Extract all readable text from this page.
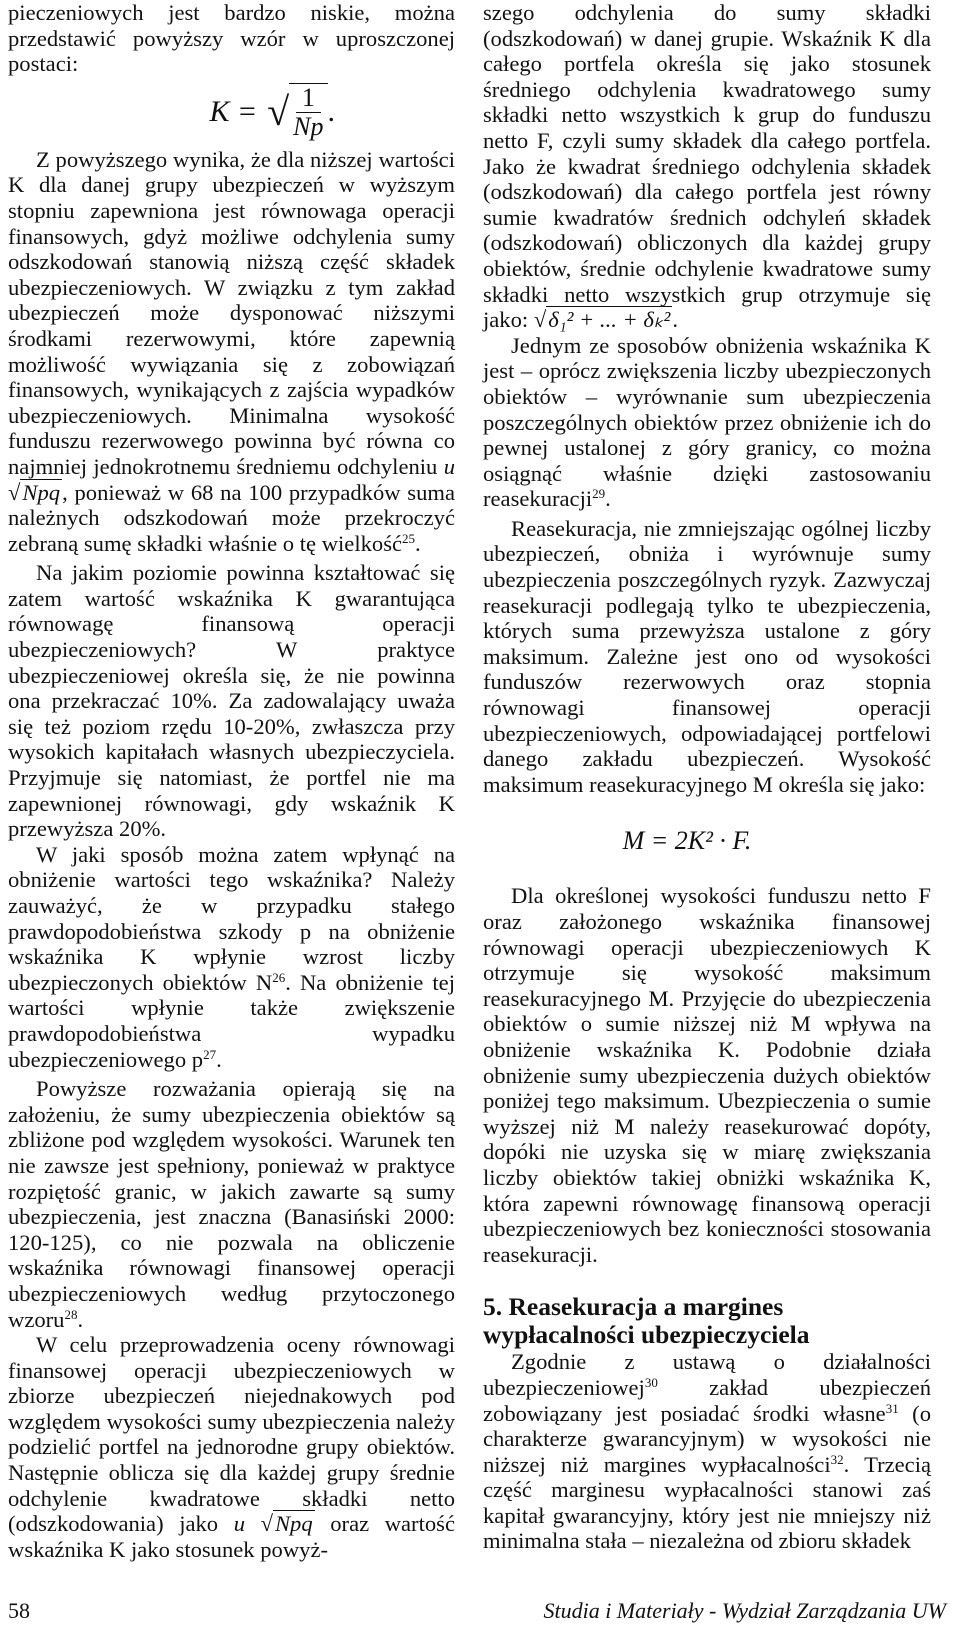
pieczeniowych jest bardzo niskie, można przedstawić powyższy wzór w uproszczonej postaci:

K = √ $\frac{1}{Np}$ .

Z powyższego wynika, że dla niższej wartości K dla danej grupy ubezpieczeń w wyższym stopniu zapewniona jest równowaga operacji finansowych, gdyż możliwe odchylenia sumy odszkodowań stanowią niższą część składek ubezpieczeniowych. W związku z tym zakład ubezpieczeń może dysponować niższymi środkami rezerwowymi, które zapewnią możliwość wywiązania się z zobowiązań finansowych, wynikających z zajścia wypadków ubezpieczeniowych. Minimalna wysokość funduszu rezerwowego powinna być równa co najmniej jednokrotnemu średniemu odchyleniu u √Npq, ponieważ w 68 na 100 przypadków suma należnych odszkodowań może przekroczyć zebraną sumę składki właśnie o tę wielkość$^{25}$.

Na jakim poziomie powinna kształtować się zatem wartość wskaźnika K gwarantująca równowagę finansową operacji ubezpieczeniowych? W praktyce ubezpieczeniowej określa się, że nie powinna ona przekraczać 10%. Za zadowalający uważa się też poziom rzędu 10-20%, zwłaszcza przy wysokich kapitałach własnych ubezpieczyciela. Przyjmuje się natomiast, że portfel nie ma zapewnionej równowagi, gdy wskaźnik K przewyższa 20%.

W jaki sposób można zatem wpłynąć na obniżenie wartości tego wskaźnika? Należy zauważyć, że w przypadku stałego prawdopodobieństwa szkody p na obniżenie wskaźnika K wpłynie wzrost liczby ubezpieczonych obiektów $N^{26}$. Na obniżenie tej wartości wpłynie także zwiększenie prawdopodobieństwa wypadku ubezpieczeniowego $p^{27}$.

Powyższe rozważania opierają się na założeniu, że sumy ubezpieczenia obiektów są zbliżone pod względem wysokości. Warunek ten nie zawsze jest spełniony, ponieważ w praktyce rozpiętość granic, w jakich zawarte są sumy ubezpieczenia, jest znaczna (Banasiński 2000: 120-125), co nie pozwala na obliczenie wskaźnika równowagi finansowej operacji ubezpieczeniowych według przytoczonego wzoru$^{28}$.

W celu przeprowadzenia oceny równowagi finansowej operacji ubezpieczeniowych w zbiorze ubezpieczeń niejednakowych pod względem wysokości sumy ubezpieczenia należy podzielić portfel na jednorodne grupy obiektów. Następnie oblicza się dla każdej grupy średnie odchylenie kwadratowe składki netto (odszkodowania) jako u √Npq oraz wartość wskaźnika K jako stosunek powyż-

szego odchylenia do sumy składki (odszkodowań) w danej grupie. Wskaźnik K dla całego portfela określa się jako stosunek średniego odchylenia kwadratowego sumy składki netto wszystkich k grup do funduszu netto F, czyli sumy składek dla całego portfela. Jako że kwadrat średniego odchylenia składek (odszkodowań) dla całego portfela jest równy sumie kwadratów średnich odchyleń składek (odszkodowań) obliczonych dla każdej grupy obiektów, średnie odchylenie kwadratowe sumy składki netto wszystkich grup otrzymuje się jako: √δ₁² + ... + δₖ².

Jednym ze sposobów obniżenia wskaźnika K jest – oprócz zwiększenia liczby ubezpieczonych obiektów – wyrównanie sum ubezpieczenia poszczególnych obiektów przez obniżenie ich do pewnej ustalonej z góry granicy, co można osiągnąć właśnie dzięki zastosowaniu reasekuracji$^{29}$.

Reasekuracja, nie zmniejszając ogólnej liczby ubezpieczeń, obniża i wyrównuje sumy ubezpieczenia poszczególnych ryzyk. Zazwyczaj reasekuracji podlegają tylko te ubezpieczenia, których suma przewyższa ustalone z góry maksimum. Zależne jest ono od wysokości funduszów rezerwowych oraz stopnia równowagi finansowej operacji ubezpieczeniowych, odpowiadającej portfelowi danego zakładu ubezpieczeń. Wysokość maksimum reasekuracyjnego M określa się jako:

M = 2K² · F.

Dla określonej wysokości funduszu netto F oraz założonego wskaźnika finansowej równowagi operacji ubezpieczeniowych K otrzymuje się wysokość maksimum reasekuracyjnego M. Przyjęcie do ubezpieczenia obiektów o sumie niższej niż M wpływa na obniżenie wskaźnika K. Podobnie działa obniżenie sumy ubezpieczenia dużych obiektów poniżej tego maksimum. Ubezpieczenia o sumie wyższej niż M należy reasekurować dopóty, dopóki nie uzyska się w miarę zwiększania liczby obiektów takiej obniżki wskaźnika K, która zapewni równowagę finansową operacji ubezpieczeniowych bez konieczności stosowania reasekuracji.

5. Reasekuracja a margines wypłacalności ubezpieczyciela

Zgodnie z ustawą o działalności ubezpieczeniowej$^{30}$ zakład ubezpieczeń zobowiązany jest posiadać środki własne$^{31}$ (o charakterze gwarancyjnym) w wysokości nie niższej niż margines wypłacalności$^{32}$. Trzecią część marginesu wypłacalności stanowi zaś kapitał gwarancyjny, który jest nie mniejszy niż minimalna stała – niezależna od zbioru składek

58	Studia i Materiały - Wydział Zarządzania UW
